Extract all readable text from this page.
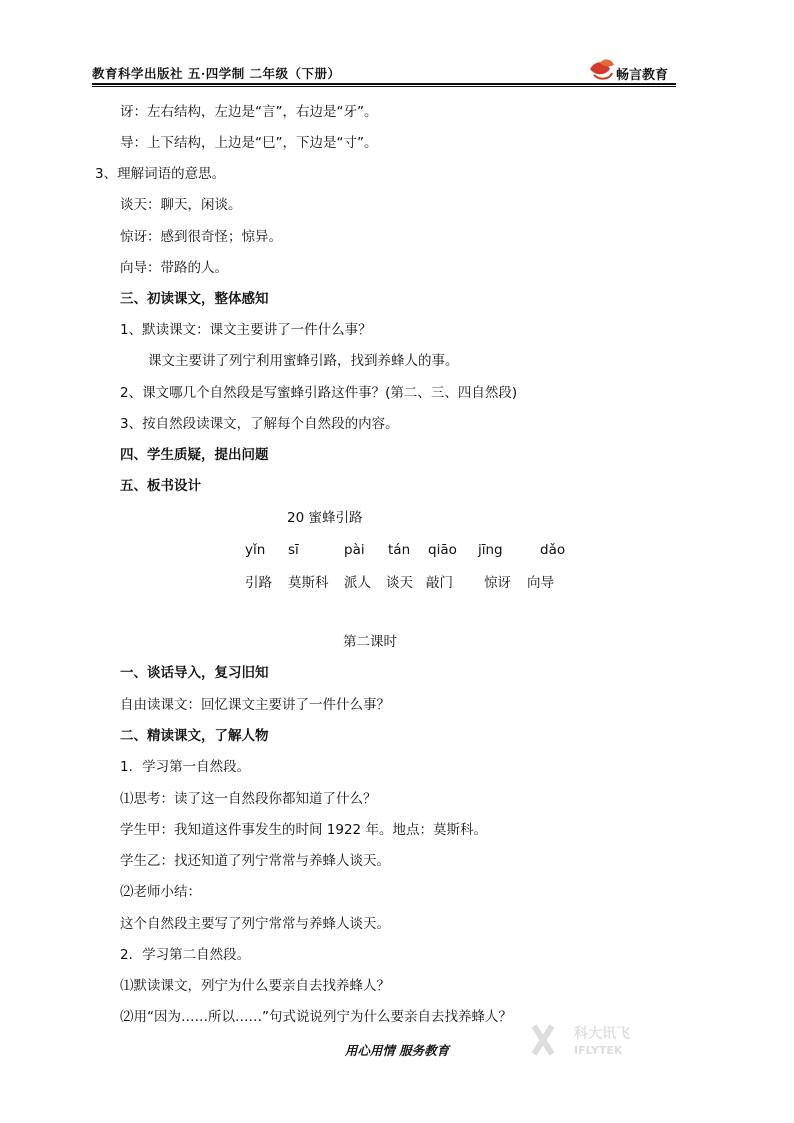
教育科学出版社 五·四学制 二年级（下册）	畅言教育
讶：左右结构，左边是“言”，右边是“牙”。
导：上下结构，上边是“巳”，下边是“寸”。
3、理解词语的意思。
谈天：聊天，闲谈。
惊讶：感到很奇怪；惊异。
向导：带路的人。
三、初读课文，整体感知
1、默读课文：课文主要讲了一件什么事？
课文主要讲了列宁利用蜜蜂引路，找到养蜂人的事。
2、课文哪几个自然段是写蜜蜂引路这件事？(第二、三、四自然段)
3、按自然段读课文，了解每个自然段的内容。
四、学生质疑，提出问题
五、板书设计
20 蜜蜂引路
yǐn sī	pài tán qiāo jīng	dǎo
引路 莫斯科 派人 谈天 敲门 惊讶 向导
第二课时
一、谈话导入，复习旧知
自由读课文：回忆课文主要讲了一件什么事？
二、精读课文，了解人物
1．学习第一自然段。
⑴思考：读了这一自然段你都知道了什么？
学生甲：我知道这件事发生的时间 1922 年。地点：莫斯科。
学生乙：找还知道了列宁常常与养蜂人谈天。
⑵老师小结：
这个自然段主要写了列宁常常与养蜂人谈天。
2．学习第二自然段。
⑴默读课文，列宁为什么要亲自去找养蜂人？
⑵用“因为……所以……”句式说说列宁为什么要亲自去找养蜂人？
科大讯飞
IFLYTEK
用心用情 服务教育
